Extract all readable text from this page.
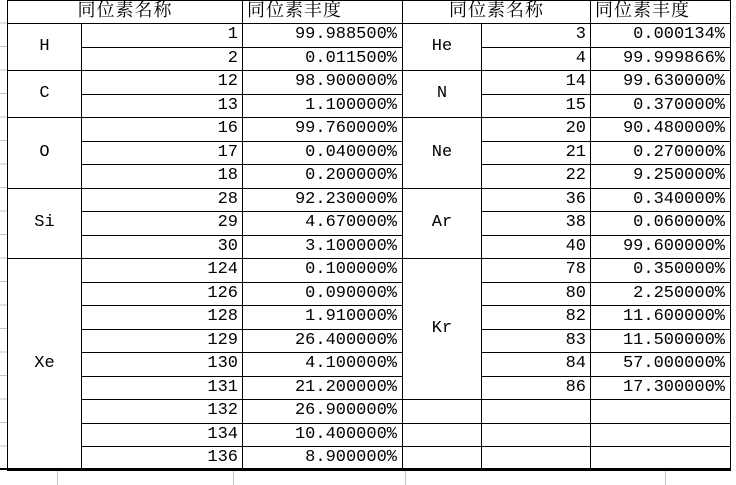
同位素名称		同位素丰度
H	1	99.988500%
	2	0.011500%
C	12	98.900000%
	13	1.100000%
O	16	99.760000%
	17	0.040000%
	18	0.200000%
Si	28	92.230000%
	29	4.670000%
	30	3.100000%
Xe	124	0.100000%
	126	0.090000%
	128	1.910000%
	129	26.400000%
	130	4.100000%
	131	21.200000%
	132	26.900000%
	134	10.400000%
	136	8.900000%
同位素名称		同位素丰度
He	3	0.000134%
	4	99.999866%
N	14	99.630000%
	15	0.370000%
Ne	20	90.480000%
	21	0.270000%
	22	9.250000%
Ar	36	0.340000%
	38	0.060000%
	40	99.600000%
Kr	78	0.350000%
	80	2.250000%
	82	11.600000%
	83	11.500000%
	84	57.000000%
	86	17.300000%
